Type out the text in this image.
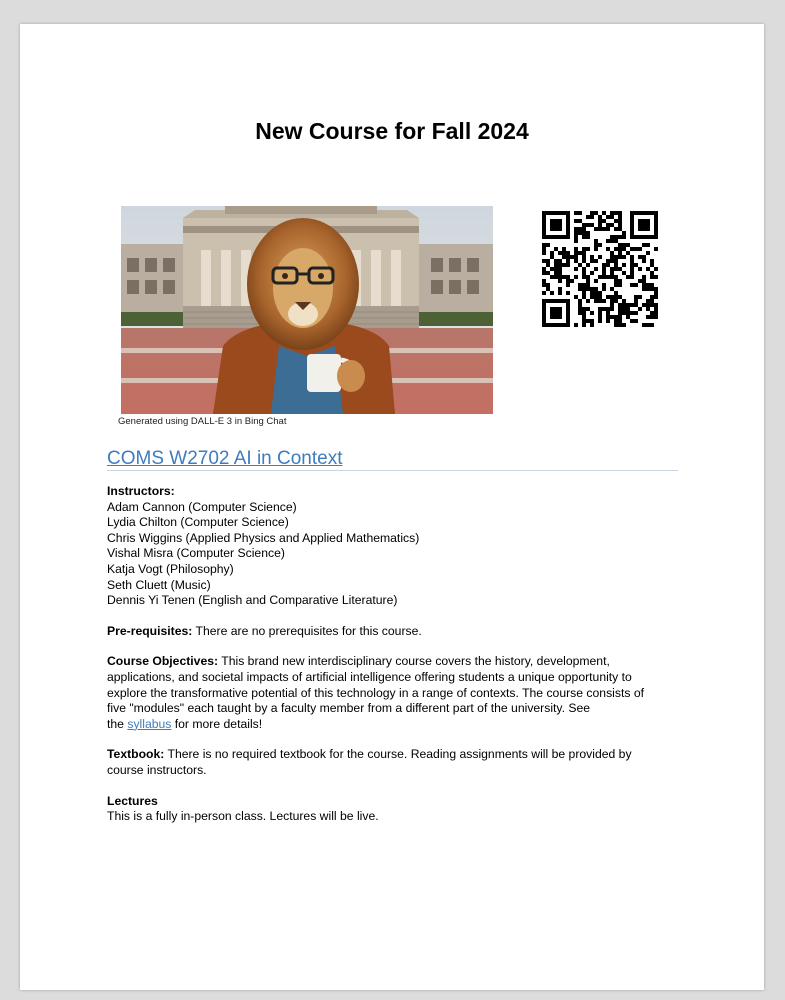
New Course for Fall 2024
Generated using DALL-E 3 in Bing Chat
COMS W2702 AI in Context

Instructors:

Adam Cannon (Computer Science)

Lydia Chilton (Computer Science)

Chris Wiggins (Applied Physics and Applied Mathematics)

Vishal Misra (Computer Science)

Katja Vogt (Philosophy)

Seth Cluett (Music)

Dennis Yi Tenen (English and Comparative Literature)

Pre-requisites: There are no prerequisites for this course.

Course Objectives: This brand new interdisciplinary course covers the history, development,

applications, and societal impacts of artificial intelligence offering students a unique opportunity to

explore the transformative potential of this technology in a range of contexts. The course consists of

five "modules" each taught by a faculty member from a different part of the university. See

the syllabus for more details!

Textbook: There is no required textbook for the course. Reading assignments will be provided by

course instructors.

Lectures

This is a fully in-person class. Lectures will be live.
